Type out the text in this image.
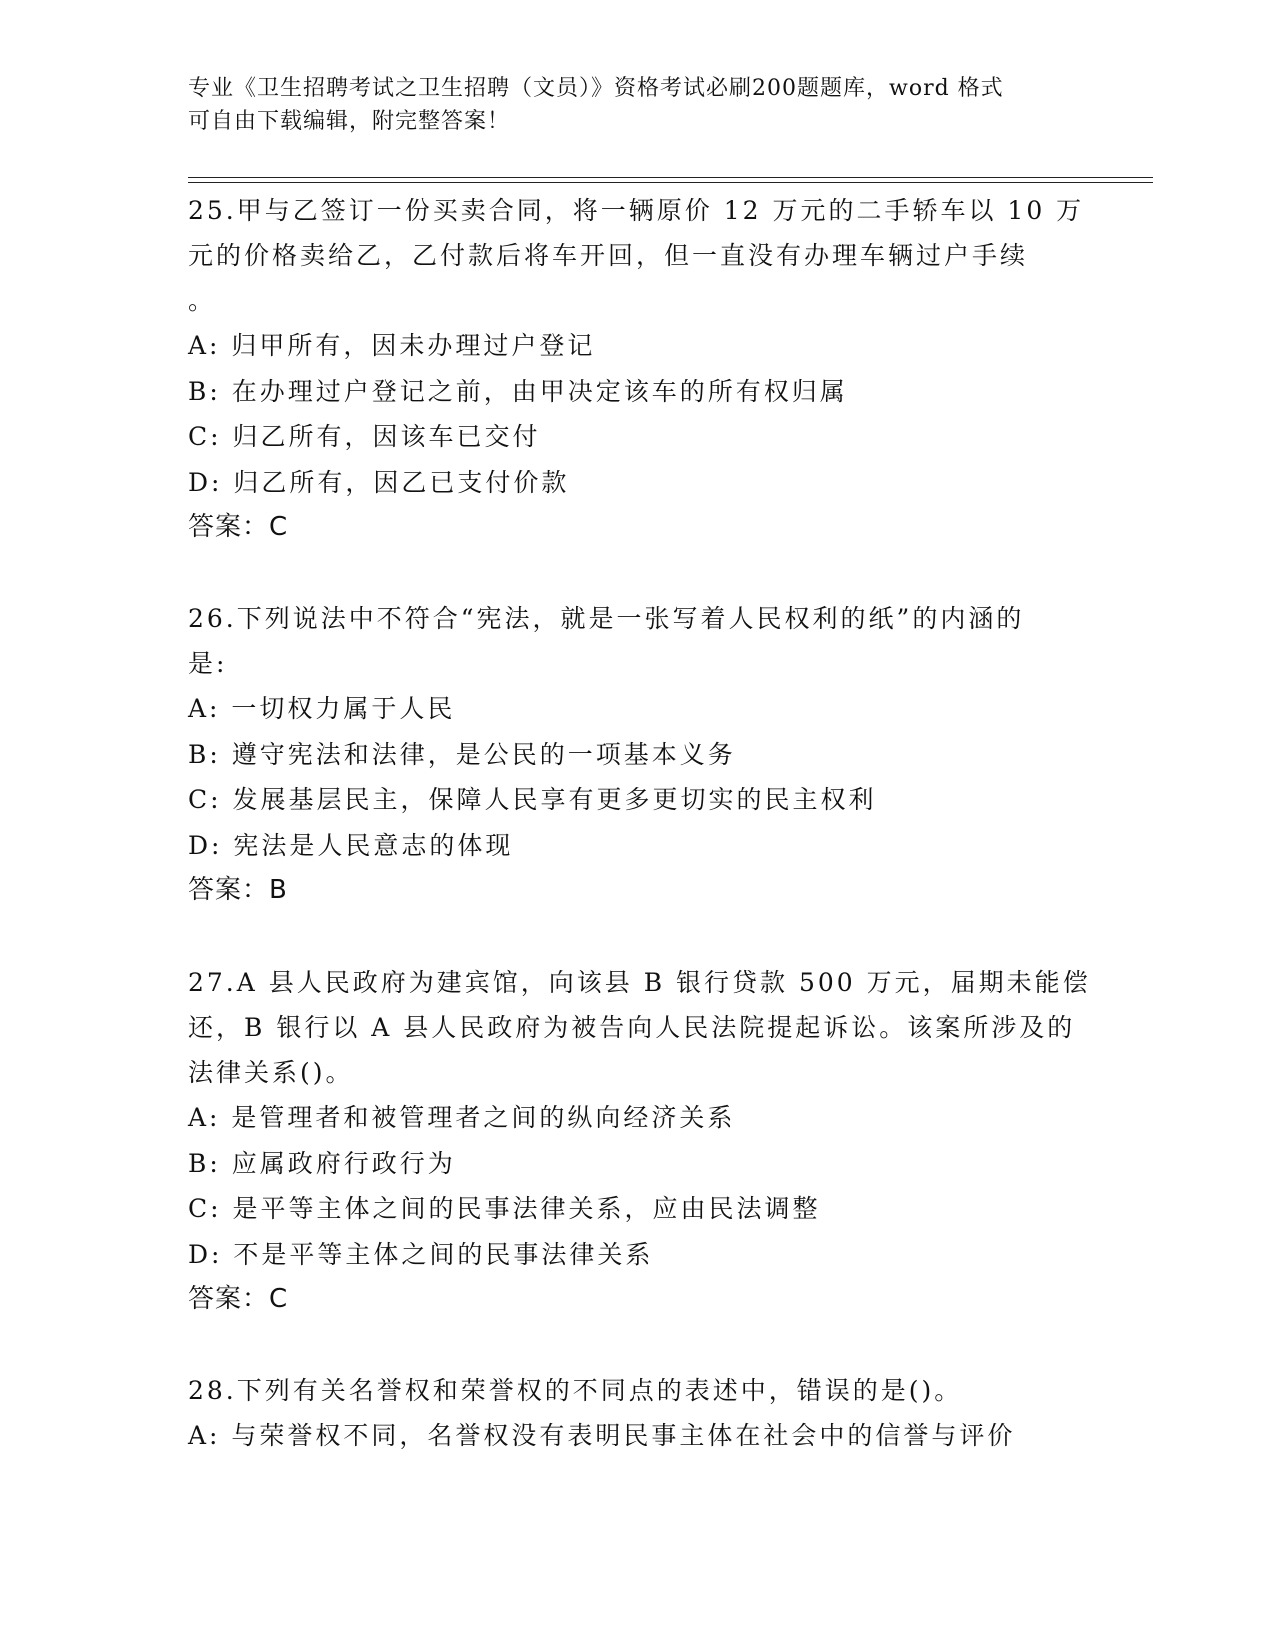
专业《卫生招聘考试之卫生招聘（文员）》资格考试必刷200题题库，word 格式
可自由下载编辑，附完整答案！
25.甲与乙签订一份买卖合同，将一辆原价 12 万元的二手轿车以 10 万
元的价格卖给乙，乙付款后将车开回，但一直没有办理车辆过户手续
。
A: 归甲所有，因未办理过户登记
B: 在办理过户登记之前，由甲决定该车的所有权归属
C: 归乙所有，因该车已交付
D: 归乙所有，因乙已支付价款
答案：C
26.下列说法中不符合“宪法，就是一张写着人民权利的纸”的内涵的
是:
A: 一切权力属于人民
B: 遵守宪法和法律，是公民的一项基本义务
C: 发展基层民主，保障人民享有更多更切实的民主权利
D: 宪法是人民意志的体现
答案：B
27.A 县人民政府为建宾馆，向该县 B 银行贷款 500 万元，届期未能偿
还，B 银行以 A 县人民政府为被告向人民法院提起诉讼。该案所涉及的
法律关系()。
A: 是管理者和被管理者之间的纵向经济关系
B: 应属政府行政行为
C: 是平等主体之间的民事法律关系，应由民法调整
D: 不是平等主体之间的民事法律关系
答案：C
28.下列有关名誉权和荣誉权的不同点的表述中，错误的是()。
A: 与荣誉权不同，名誉权没有表明民事主体在社会中的信誉与评价
